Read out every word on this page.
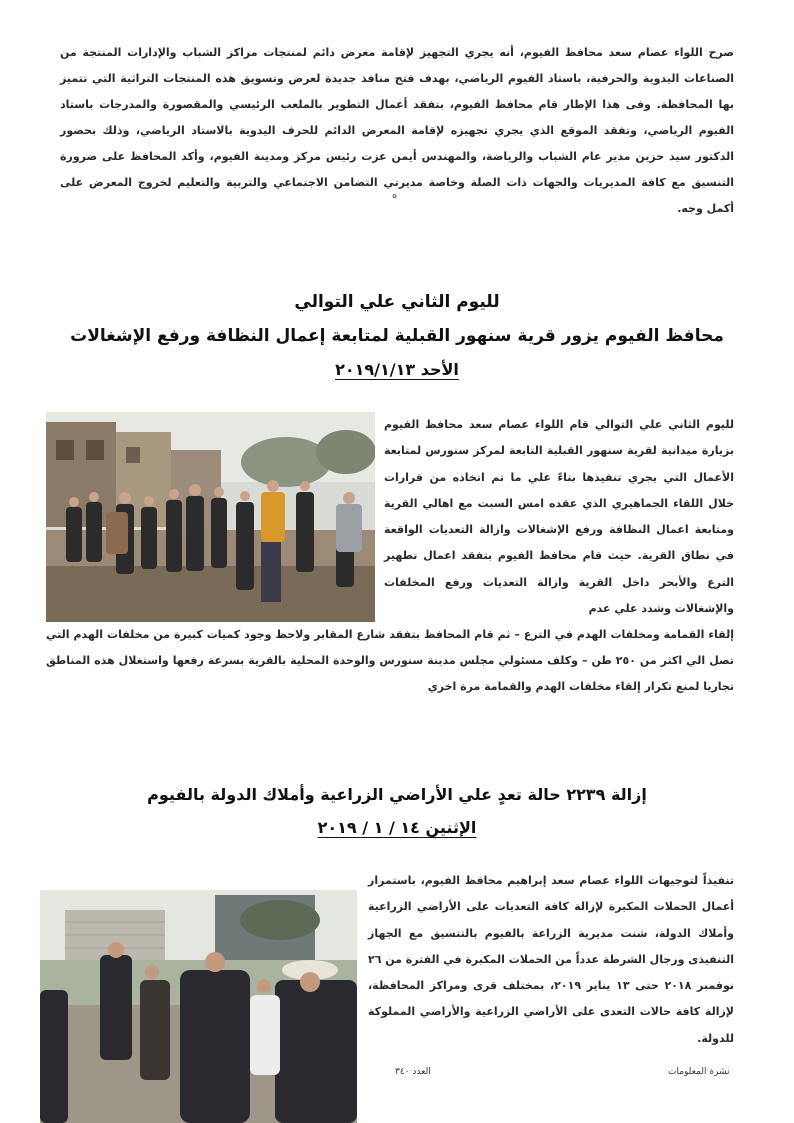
صرح اللواء عصام سعد محافظ الفيوم، أنه يجري التجهيز لإقامة معرض دائم لمنتجات مراكز الشباب والإدارات المنتجة من الصناعات اليدوية والحرفية، باستاد الفيوم الرياضي، بهدف فتح منافذ جديدة لعرض وتسويق هذه المنتجات التراثية التي تتميز بها المحافظة. وفى هذا الإطار قام محافظ الفيوم، بتفقد أعمال التطوير بالملعب الرئيسي والمقصورة والمدرجات باستاد الفيوم الرياضي، وتفقد الموقع الذي يجري تجهيزه لإقامة المعرض الدائم للحرف اليدوية بالاستاد الرياضي، وذلك بحضور الدكتور سيد حزين مدير عام الشباب والرياضة، والمهندس أيمن عزت رئيس مركز ومدينة الفيوم، وأكد المحافظ على ضرورة التنسيق مع كافة المديريات والجهات ذات الصلة وخاصة مديرتي التضامن الاجتماعي والتربية والتعليم لخروج المعرض على أكمل وجه.
ه
لليوم الثاني علي التوالي
محافظ الفيوم يزور قرية سنهور القبلية لمتابعة إعمال النظافة ورفع الإشغالات
الأحد ٢٠١٩/١/١٣
لليوم الثاني علي التوالي قام اللواء عصام سعد محافظ الفيوم بزيارة ميدانية لقرية سنهور القبلية التابعة لمركز سنورس لمتابعة الأعمال التي يجري تنفيذها بناءً علي ما تم اتخاذه من قرارات خلال اللقاء الجماهيري الذي عقده امس السبت مع اهالي القرية ومتابعة اعمال النظافة ورفع الإشغالات وازالة التعديات الواقعة في نطاق القرية. حيث قام محافظ الفيوم بتفقد اعمال تطهير الترع والأبحر داخل القرية وازالة التعديات ورفع المخلفات والإشغالات وشدد علي عدم
إلقاء القمامة ومخلفات الهدم في الترع – ثم قام المحافظ بتفقد شارع المقابر ولاحظ وجود كميات كبيرة من مخلفات الهدم التي تصل الي اكثر من ٢٥٠ طن – وكلف مسئولي مجلس مدينة سنورس والوحدة المحلية بالقرية بسرعة رفعها واستغلال هذه المناطق تجاريا لمنع تكرار إلقاء مخلفات الهدم والقمامة مرة اخري
إزالة ٢٢٣٩ حالة تعدٍ علي الأراضي الزراعية وأملاك الدولة بالفيوم
الإثنين ١٤ / ١ / ٢٠١٩
تنفيذاً لتوجيهات اللواء عصام سعد إبراهيم محافظ الفيوم، باستمرار أعمال الحملات المكبرة لإزالة كافة التعديات على الأراضي الزراعية وأملاك الدولة، شنت مديرية الزراعة بالفيوم بالتنسيق مع الجهاز التنفيذى ورجال الشرطة عدداً من الحملات المكبرة في الفترة من ٢٦ نوفمبر ٢٠١٨ حتى ١٣ يناير ٢٠١٩، بمختلف قرى ومراكز المحافظة، لإزالة كافة حالات التعدى على الأراضي الزراعية والأراضي المملوكة للدولة.
العدد ٣٤٠	نشرة المعلومات
